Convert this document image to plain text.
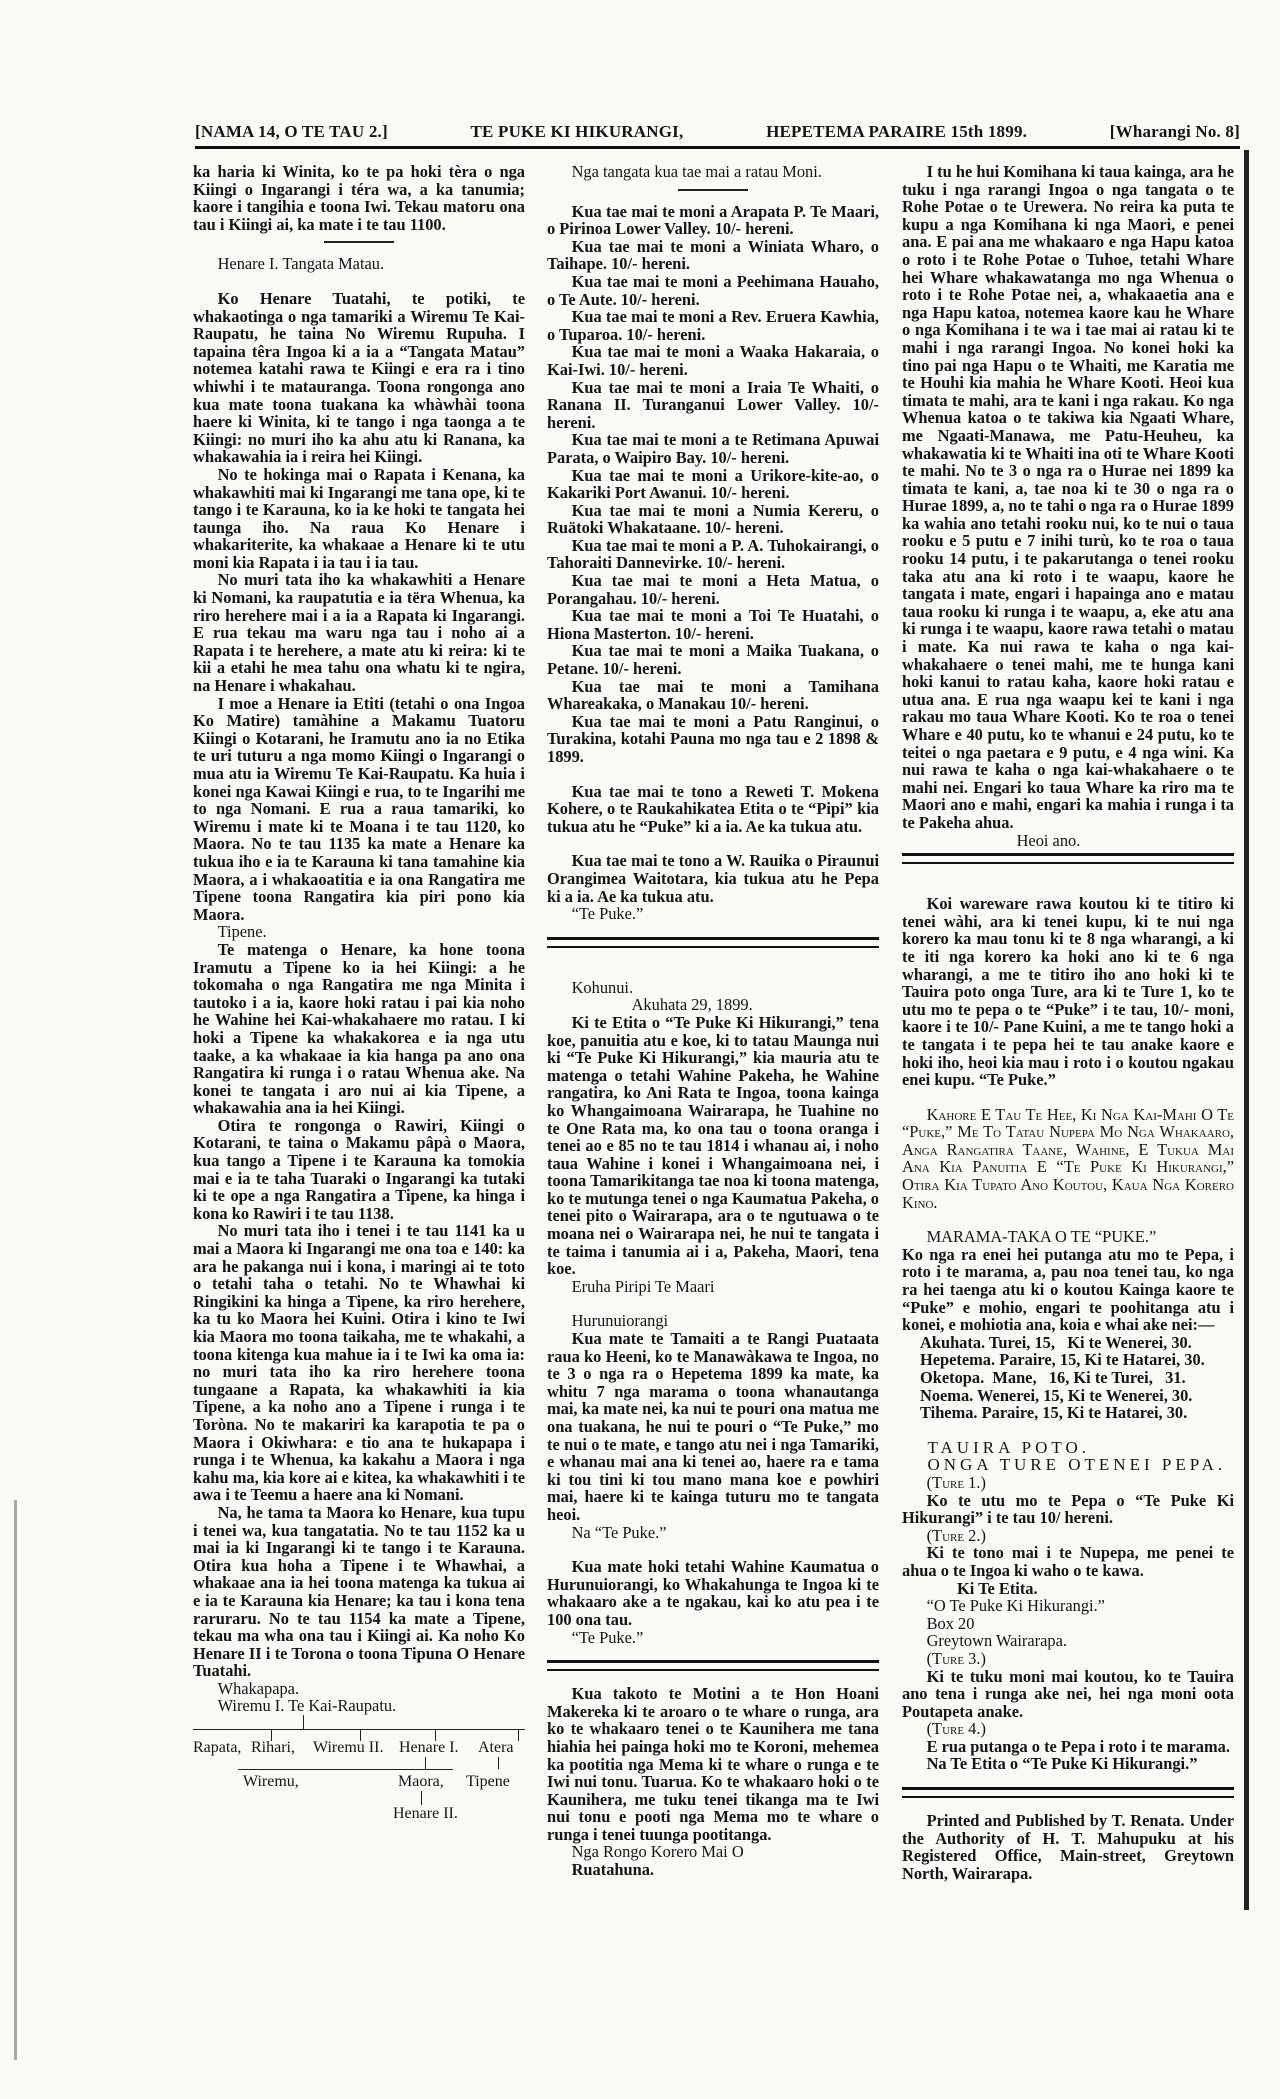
[NAMA 14, O TE TAU 2.]	TE PUKE KI HIKURANGI,	HEPETEMA PARAIRE 15th 1899.	[Wharangi No. 8]

ka haria ki Winita, ko te pa hoki tèra o nga Kiingi o Ingarangi i téra wa, a ka tanumia; kaore i tangihia e toona Iwi. Tekau matoru ona tau i Kiingi ai, ka mate i te tau 1100.

Henare I. Tangata Matau.

Ko Henare Tuatahi, te potiki, te whakaotinga o nga tamariki a Wiremu Te Kai-Raupatu, he taina No Wiremu Rupuha. I tapaina têra Ingoa ki a ia a “Tangata Matau” notemea katahi rawa te Kiingi e era ra i tino whiwhi i te matauranga. Toona rongonga ano kua mate toona tuakana ka whàwhài toona haere ki Winita, ki te tango i nga taonga a te Kiingi: no muri iho ka ahu atu ki Ranana, ka whakawahia ia i reira hei Kiingi.

No te hokinga mai o Rapata i Kenana, ka whakawhiti mai ki Ingarangi me tana ope, ki te tango i te Karauna, ko ia ke hoki te tangata hei taunga iho. Na raua Ko Henare i whakariterite, ka whakaae a Henare ki te utu moni kia Rapata i ia tau i ia tau.

No muri tata iho ka whakawhiti a Henare ki Nomani, ka raupatutia e ia tëra Whenua, ka riro herehere mai i a ia a Rapata ki Ingarangi. E rua tekau ma waru nga tau i noho ai a Rapata i te herehere, a mate atu ki reira: ki te kii a etahi he mea tahu ona whatu ki te ngira, na Henare i whakahau.

I moe a Henare ia Etiti (tetahi o ona Ingoa Ko Matire) tamàhine a Makamu Tuatoru Kiingi o Kotarani, he Iramutu ano ia no Etika te uri tuturu a nga momo Kiingi o Ingarangi o mua atu ia Wiremu Te Kai-Raupatu. Ka huia i konei nga Kawai Kiingi e rua, to te Ingarihi me to nga Nomani. E rua a raua tamariki, ko Wiremu i mate ki te Moana i te tau 1120, ko Maora. No te tau 1135 ka mate a Henare ka tukua iho e ia te Karauna ki tana tamahine kia Maora, a i whakaoatitia e ia ona Rangatira me Tipene toona Rangatira kia piri pono kia Maora.

Tipene.

Te matenga o Henare, ka hone toona Iramutu a Tipene ko ia hei Kiingi: a he tokomaha o nga Rangatira me nga Minita i tautoko i a ia, kaore hoki ratau i pai kia noho he Wahine hei Kai-whakahaere mo ratau. I ki hoki a Tipene ka whakakorea e ia nga utu taake, a ka whakaae ia kia hanga pa ano ona Rangatira ki runga i o ratau Whenua ake. Na konei te tangata i aro nui ai kia Tipene, a whakawahia ana ia hei Kiingi.

Otira te rongonga o Rawiri, Kiingi o Kotarani, te taina o Makamu pâpà o Maora, kua tango a Tipene i te Karauna ka tomokia mai e ia te taha Tuaraki o Ingarangi ka tutaki ki te ope a nga Rangatira a Tipene, ka hinga i kona ko Rawiri i te tau 1138.

No muri tata iho i tenei i te tau 1141 ka u mai a Maora ki Ingarangi me ona toa e 140: ka ara he pakanga nui i kona, i maringi ai te toto o tetahi taha o tetahi. No te Whawhai ki Ringikini ka hinga a Tipene, ka riro herehere, ka tu ko Maora hei Kuini. Otira i kino te Iwi kia Maora mo toona taikaha, me te whakahi, a toona kitenga kua mahue ia i te Iwi ka oma ia: no muri tata iho ka riro herehere toona tungaane a Rapata, ka whakawhiti ia kia Tipene, a ka noho ano a Tipene i runga i te Toròna. No te makariri ka karapotia te pa o Maora i Okiwhara: e tio ana te hukapapa i runga i te Whenua, ka kakahu a Maora i nga kahu ma, kia kore ai e kitea, ka whakawhiti i te awa i te Teemu a haere ana ki Nomani.

Na, he tama ta Maora ko Henare, kua tupu i tenei wa, kua tangatatia. No te tau 1152 ka u mai ia ki Ingarangi ki te tango i te Karauna. Otira kua hoha a Tipene i te Whawhai, a whakaae ana ia hei toona matenga ka tukua ai e ia te Karauna kia Henare; ka tau i kona tena raruraru. No te tau 1154 ka mate a Tipene, tekau ma wha ona tau i Kiingi ai. Ka noho Ko Henare II i te Torona o toona Tipuna O Henare Tuatahi.

Whakapapa.

Wiremu I. Te Kai-Raupatu.

Rapata, Rihari, Wiremu II. Henare I. Atera
Wiremu,	Maora, Tipene
Henare II.

Nga tangata kua tae mai a ratau Moni.

Kua tae mai te moni a Arapata P. Te Maari, o Pirinoa Lower Valley. 10/- hereni.

Kua tae mai te moni a Winiata Wharo, o Taihape. 10/- hereni.

Kua tae mai te moni a Peehimana Hauaho, o Te Aute. 10/- hereni.

Kua tae mai te moni a Rev. Eruera Kawhia, o Tuparoa. 10/- hereni.

Kua tae mai te moni a Waaka Hakaraia, o Kai-Iwi. 10/- hereni.

Kua tae mai te moni a Iraia Te Whaiti, o Ranana II. Turanganui Lower Valley. 10/- hereni.

Kua tae mai te moni a te Retimana Apuwai Parata, o Waipiro Bay. 10/- hereni.

Kua tae mai te moni a Urikore-kite-ao, o Kakariki Port Awanui. 10/- hereni.

Kua tae mai te moni a Numia Kereru, o Ruätoki Whakataane. 10/- hereni.

Kua tae mai te moni a P. A. Tuhokairangi, o Tahoraiti Dannevirke. 10/- hereni.

Kua tae mai te moni a Heta Matua, o Porangahau. 10/- hereni.

Kua tae mai te moni a Toi Te Huatahi, o Hiona Masterton. 10/- hereni.

Kua tae mai te moni a Maika Tuakana, o Petane. 10/- hereni.

Kua tae mai te moni a Tamihana Whareakaka, o Manakau 10/- hereni.

Kua tae mai te moni a Patu Ranginui, o Turakina, kotahi Pauna mo nga tau e 2 1898 & 1899.

Kua tae mai te tono a Reweti T. Mokena Kohere, o te Raukahikatea Etita o te “Pipi” kia tukua atu he “Puke” ki a ia. Ae ka tukua atu.

Kua tae mai te tono a W. Rauika o Piraunui Orangimea Waitotara, kia tukua atu he Pepa ki a ia. Ae ka tukua atu.

“Te Puke.”

Kohunui.

Akuhata 29, 1899.

Ki te Etita o “Te Puke Ki Hikurangi,” tena koe, panuitia atu e koe, ki to tatau Maunga nui ki “Te Puke Ki Hikurangi,” kia mauria atu te matenga o tetahi Wahine Pakeha, he Wahine rangatira, ko Ani Rata te Ingoa, toona kainga ko Whangaimoana Wairarapa, he Tuahine no te One Rata ma, ko ona tau o toona oranga i tenei ao e 85 no te tau 1814 i whanau ai, i noho taua Wahine i konei i Whangaimoana nei, i toona Tamarikitanga tae noa ki toona matenga, ko te mutunga tenei o nga Kaumatua Pakeha, o tenei pito o Wairarapa, ara o te ngutuawa o te moana nei o Wairarapa nei, he nui te tangata i te taima i tanumia ai i a, Pakeha, Maori, tena koe.

Eruha Piripi Te Maari

Hurunuiorangi

Kua mate te Tamaiti a te Rangi Puataata raua ko Heeni, ko te Manawàkawa te Ingoa, no te 3 o nga ra o Hepetema 1899 ka mate, ka whitu 7 nga marama o toona whanautanga mai, ka mate nei, ka nui te pouri ona matua me ona tuakana, he nui te pouri o “Te Puke,” mo te nui o te mate, e tango atu nei i nga Tamariki, e whanau mai ana ki tenei ao, haere ra e tama ki tou tini ki tou mano mana koe e powhiri mai, haere ki te kainga tuturu mo te tangata heoi.

Na “Te Puke.”

Kua mate hoki tetahi Wahine Kaumatua o Hurunuiorangi, ko Whakahunga te Ingoa ki te whakaaro ake a te ngakau, kai ko atu pea i te 100 ona tau.

“Te Puke.”

Kua takoto te Motini a te Hon Hoani Makereka ki te aroaro o te whare o runga, ara ko te whakaaro tenei o te Kaunihera me tana hiahia hei painga hoki mo te Koroni, mehemea ka pootitia nga Mema ki te whare o runga e te Iwi nui tonu. Tuarua. Ko te whakaaro hoki o te Kaunihera, me tuku tenei tikanga ma te Iwi nui tonu e pooti nga Mema mo te whare o runga i tenei tuunga pootitanga.

Nga Rongo Korero Mai O

Ruatahuna.

I tu he hui Komihana ki taua kainga, ara he tuku i nga rarangi Ingoa o nga tangata o te Rohe Potae o te Urewera. No reira ka puta te kupu a nga Komihana ki nga Maori, e penei ana. E pai ana me whakaaro e nga Hapu katoa o roto i te Rohe Potae o Tuhoe, tetahi Whare hei Whare whakawatanga mo nga Whenua o roto i te Rohe Potae nei, a, whakaaetia ana e nga Hapu katoa, notemea kaore kau he Whare o nga Komihana i te wa i tae mai ai ratau ki te mahi i nga rarangi Ingoa. No konei hoki ka tino pai nga Hapu o te Whaiti, me Karatia me te Houhi kia mahia he Whare Kooti. Heoi kua timata te mahi, ara te kani i nga rakau. Ko nga Whenua katoa o te takiwa kia Ngaati Whare, me Ngaati-Manawa, me Patu-Heuheu, ka whakawatia ki te Whaiti ina oti te Whare Kooti te mahi. No te 3 o nga ra o Hurae nei 1899 ka timata te kani, a, tae noa ki te 30 o nga ra o Hurae 1899, a, no te tahi o nga ra o Hurae 1899 ka wahia ano tetahi rooku nui, ko te nui o taua rooku e 5 putu e 7 inihi turù, ko te roa o taua rooku 14 putu, i te pakarutanga o tenei rooku taka atu ana ki roto i te waapu, kaore he tangata i mate, engari i hapainga ano e matau taua rooku ki runga i te waapu, a, eke atu ana ki runga i te waapu, kaore rawa tetahi o matau i mate. Ka nui rawa te kaha o nga kai-whakahaere o tenei mahi, me te hunga kani hoki kanui to ratau kaha, kaore hoki ratau e utua ana. E rua nga waapu kei te kani i nga rakau mo taua Whare Kooti. Ko te roa o tenei Whare e 40 putu, ko te whanui e 24 putu, ko te teitei o nga paetara e 9 putu, e 4 nga wini. Ka nui rawa te kaha o nga kai-whakahaere o te mahi nei. Engari ko taua Whare ka riro ma te Maori ano e mahi, engari ka mahia i runga i ta te Pakeha ahua.

Heoi ano.

Koi wareware rawa koutou ki te titiro ki tenei wàhi, ara ki tenei kupu, ki te nui nga korero ka mau tonu ki te 8 nga wharangi, a ki te iti nga korero ka hoki ano ki te 6 nga wharangi, a me te titiro iho ano hoki ki te Tauira poto onga Ture, ara ki te Ture 1, ko te utu mo te pepa o te “Puke” i te tau, 10/- moni, kaore i te 10/- Pane Kuini, a me te tango hoki a te tangata i te pepa hei te tau anake kaore e hoki iho, heoi kia mau i roto i o koutou ngakau enei kupu. “Te Puke.”

Kahore E Tau Te Hee, Ki Nga Kai-Mahi O Te “Puke,” Me To Tatau Nupepa Mo Nga Whakaaro, Anga Rangatira Taane, Wahine, E Tukua Mai Ana Kia Panuitia E “Te Puke Ki Hikurangi,” Otira Kia Tupato Ano Koutou, Kaua Nga Korero Kino.

MARAMA-TAKA O TE “PUKE.”

Ko nga ra enei hei putanga atu mo te Pepa, i roto i te marama, a, pau noa tenei tau, ko nga ra hei taenga atu ki o koutou Kainga kaore te “Puke” e mohio, engari te poohitanga atu i konei, e mohiotia ana, koia e whai ake nei:—

Akuhata. Turei, 15,   Ki te Wenerei, 30.
Hepetema. Paraire, 15, Ki te Hatarei, 30.
Oketopa.  Mane,   16, Ki te Turei,   31.
Noema. Wenerei, 15, Ki te Wenerei, 30.
Tihema. Paraire, 15, Ki te Hatarei, 30.

TAUIRA POTO.

ONGA TURE OTENEI PEPA.

(Ture 1.)

Ko te utu mo te Pepa o “Te Puke Ki Hikurangi” i te tau 10/ hereni.

(Ture 2.)

Ki te tono mai i te Nupepa, me penei te ahua o te Ingoa ki waho o te kawa.

Ki Te Etita.

“O Te Puke Ki Hikurangi.”

Box 20

Greytown Wairarapa.

(Ture 3.)

Ki te tuku moni mai koutou, ko te Tauira ano tena i runga ake nei, hei nga moni oota Poutapeta anake.

(Ture 4.)

E rua putanga o te Pepa i roto i te marama.

Na Te Etita o “Te Puke Ki Hikurangi.”

Printed and Published by T. Renata. Under the Authority of H. T. Mahupuku at his Registered Office, Main-street, Greytown North, Wairarapa.
